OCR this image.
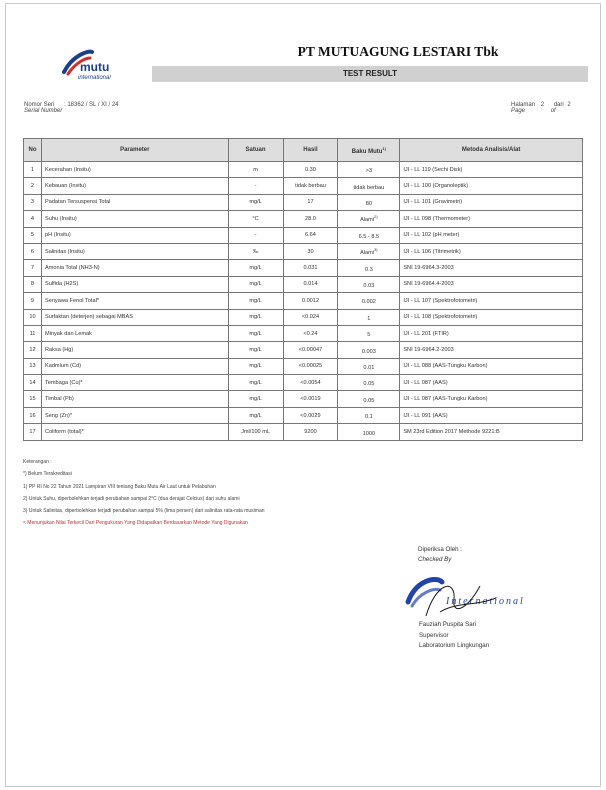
mutu
international
PT MUTUAGUNG LESTARI Tbk
TEST RESULT
Nomor Seri : 18362 / SL / XI / 24
Serial Number
Halaman 2 dari 2
Page	of
No	Parameter	Satuan	Hasil	Baku Mutu$^{1)}$	Metoda Analisis/Alat
1	Kecerahan (Insitu)	m	0.30	>3	IJI - LL 119 (Sechi Disk)
2	Kebauan (Insitu)	-	tidak berbau	tidak berbau	IJI - LL 100 (Organoleptik)
3	Padatan Tersuspensi Total	mg/L	17	80	IJI - LL 101 (Gravimetri)
4	Suhu (Insitu)	°C	28.0	Alami$^{2)}$	IJI - LL 098 (Thermometer)
5	pH (Insitu)	-	6.64	6.5 - 8.5	IJI - LL 102 (pH meter)
6	Salinitas (Insitu)	‰	30	Alami$^{3)}$	IJI - LL 106 (Titrimetrik)
7	Amonia Total (NH3-N)	mg/L	0.031	0.3	SNI 19-6964.3-2003
8	Sulfida (H2S)	mg/L	0.014	0.03	SNI 19-6964.4-2003
9	Senyawa Fenol Total*	mg/L	0.0012	0.002	IJI - LL 107 (Spektrofotometri)
10	Surfaktan (deterjen) sebagai MBAS	mg/L	<0.024	1	IJI - LL 108 (Spektrofotometri)
11	Minyak dan Lemak	mg/L	<0.24	5	IJI - LL 201 (FTIR)
12	Raksa (Hg)	mg/L	<0.00047	0.003	SNI 19-6964.2-2003
13	Kadmium (Cd)	mg/L	<0.00025	0.01	IJI - LL 088 (AAS-Tungku Karbon)
14	Tembaga (Cu)*	mg/L	<0.0054	0.05	IJI - LL 087 (AAS)
15	Timbal (Pb)	mg/L	<0.0019	0.05	IJI - LL 087 (AAS-Tungku Karbon)
16	Seng (Zn)*	mg/L	<0.0029	0.1	IJI - LL 091 (AAS)
17	Coliform (total)*	Jml/100 mL	9200	1000	SM 23rd Edition 2017 Methode 9221:B
Keterangan :
*) Belum Terakreditasi
1) PP RI No 22 Tahun 2021 Lampiran VIII tentang Baku Mutu Air Laut untuk Pelabuhan
2) Untuk Suhu, diperbolehkan terjadi perubahan sampai 2°C (dua derajat Celcius) dari suhu alami
3) Untuk Salinitas, diperbolehkan terjadi perubahan sampai 5% (lima persen) dari salinitas rata-rata musiman
< Menunjukan Nilai Terkecil Dari Pengukuran Yang Didapatkan Berdasarkan Metode Yang Digunakan
Diperiksa Oleh :
Checked By
International
Fauziah Puspita Sari
Supervisor
Laboratorium Lingkungan
